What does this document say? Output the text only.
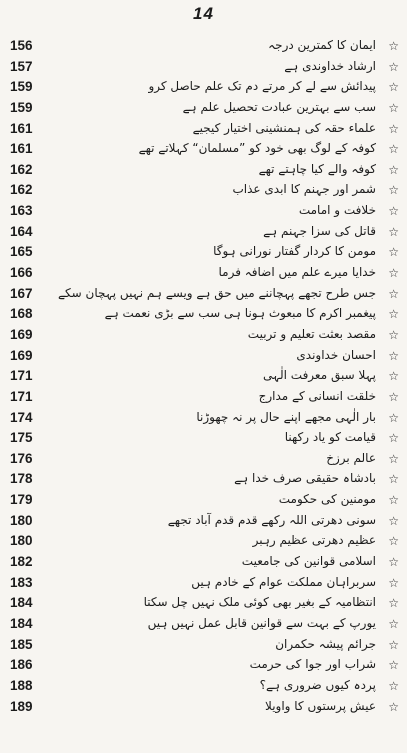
14
156	ایمان کا کمترین درجہ ☆
157	ارشاد خداوندی ہے ☆
159	پیدائش سے لے کر مرتے دم تک علم حاصل کرو ☆
159	سب سے بہترین عبادت تحصیل علم ہے ☆
161	علماء حقہ کی ہمنشینی اختیار کیجیے ☆
161	کوفہ کے لوگ بھی خود کو ”مسلمان“ کہلاتے تھے ☆
162	کوفہ والے کیا چاہتے تھے ☆
162	شمر اور جہنم کا ابدی عذاب ☆
163	خلافت و امامت ☆
164	قاتل کی سزا جہنم ہے ☆
165	مومن کا کردار گفتار نورانی ہوگا ☆
166	خدایا میرے علم میں اضافہ فرما ☆
167 جس طرح تجھے پہچاننے میں حق ہے ویسے ہم نہیں پہچان سکے ☆
168	پیغمبر اکرم کا مبعوث ہونا ہی سب سے بڑی نعمت ہے ☆
169	مقصد بعثت تعلیم و تربیت ☆
169	احسان خداوندی ☆
171	پہلا سبق معرفت الٰہی ☆
171	خلقت انسانی کے مدارج ☆
174	بار الٰہی مجھے اپنے حال پر نہ چھوڑنا ☆
175	قیامت کو یاد رکھنا ☆
176	عالم برزخ ☆
178	بادشاہ حقیقی صرف خدا ہے ☆
179	مومنین کی حکومت ☆
180	سونی دھرتی اللہ رکھے قدم قدم آباد تجھے ☆
180	عظیم دھرتی عظیم رہبر ☆
182	اسلامی قوانین کی جامعیت ☆
183	سربراہان مملکت عوام کے خادم ہیں ☆
184	انتظامیہ کے بغیر بھی کوئی ملک نہیں چل سکتا ☆
184	یورپ کے بہت سے قوانین قابل عمل نہیں ہیں ☆
185	جرائم پیشہ حکمران ☆
186	شراب اور جوا کی حرمت ☆
188	پردہ کیوں ضروری ہے؟ ☆
189	عیش پرستوں کا واویلا ☆
